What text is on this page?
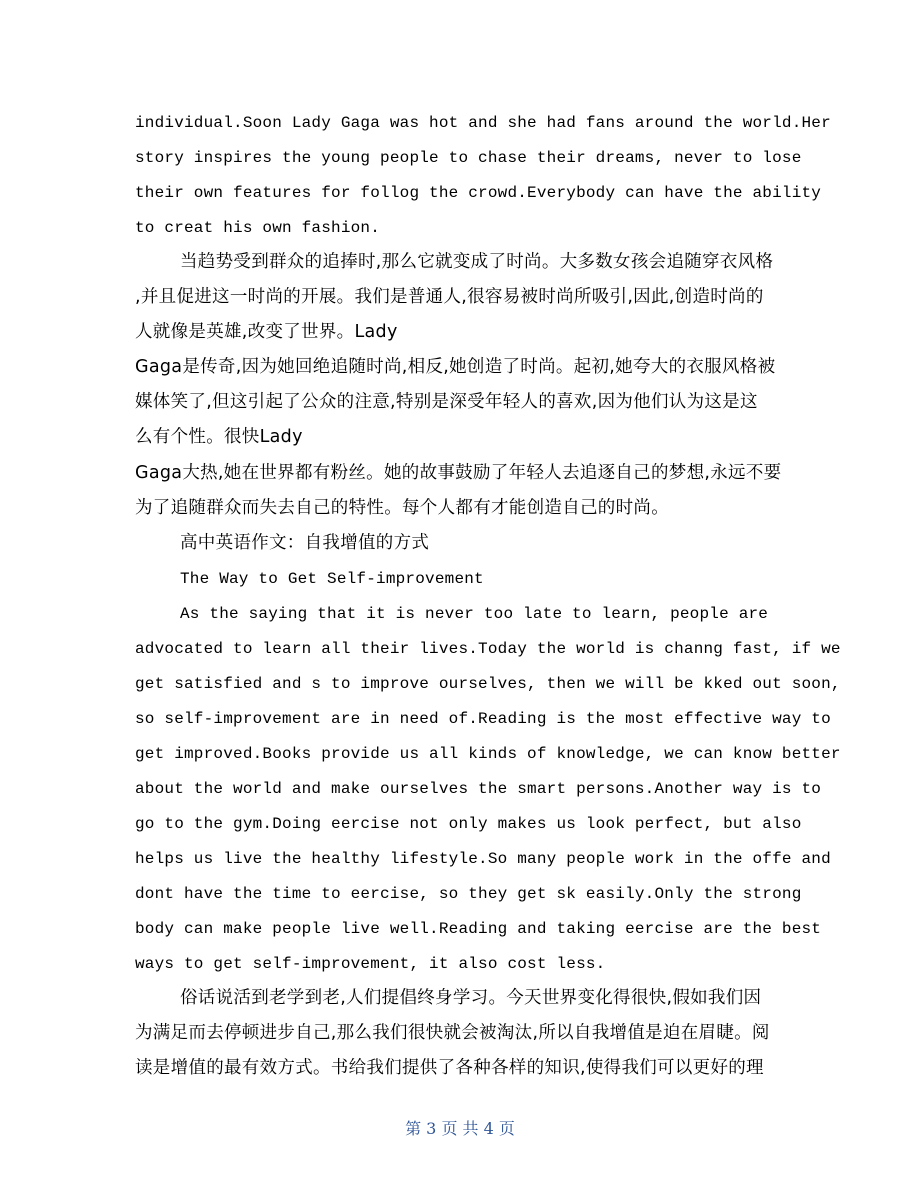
individual.Soon Lady Gaga was hot and she had fans around the world.Her
story inspires the young people to chase their dreams, never to lose
their own features for follog the crowd.Everybody can have the ability
to creat his own fashion.
当趋势受到群众的追捧时,那么它就变成了时尚。大多数女孩会追随穿衣风格
,并且促进这一时尚的开展。我们是普通人,很容易被时尚所吸引,因此,创造时尚的
人就像是英雄,改变了世界。Lady
Gaga是传奇,因为她回绝追随时尚,相反,她创造了时尚。起初,她夸大的衣服风格被
媒体笑了,但这引起了公众的注意,特别是深受年轻人的喜欢,因为他们认为这是这
么有个性。很快Lady
Gaga大热,她在世界都有粉丝。她的故事鼓励了年轻人去追逐自己的梦想,永远不要
为了追随群众而失去自己的特性。每个人都有才能创造自己的时尚。
高中英语作文：自我增值的方式
The Way to Get Self-improvement
As the saying that it is never too late to learn, people are
advocated to learn all their lives.Today the world is channg fast, if we
get satisfied and s to improve ourselves, then we will be kked out soon,
so self-improvement are in need of.Reading is the most effective way to
get improved.Books provide us all kinds of knowledge, we can know better
about the world and make ourselves the smart persons.Another way is to
go to the gym.Doing eercise not only makes us look perfect, but also
helps us live the healthy lifestyle.So many people work in the offe and
dont have the time to eercise, so they get sk easily.Only the strong
body can make people live well.Reading and taking eercise are the best
ways to get self-improvement, it also cost less.
俗话说活到老学到老,人们提倡终身学习。今天世界变化得很快,假如我们因
为满足而去停顿进步自己,那么我们很快就会被淘汰,所以自我增值是迫在眉睫。阅
读是增值的最有效方式。书给我们提供了各种各样的知识,使得我们可以更好的理
第 3 页 共 4 页
